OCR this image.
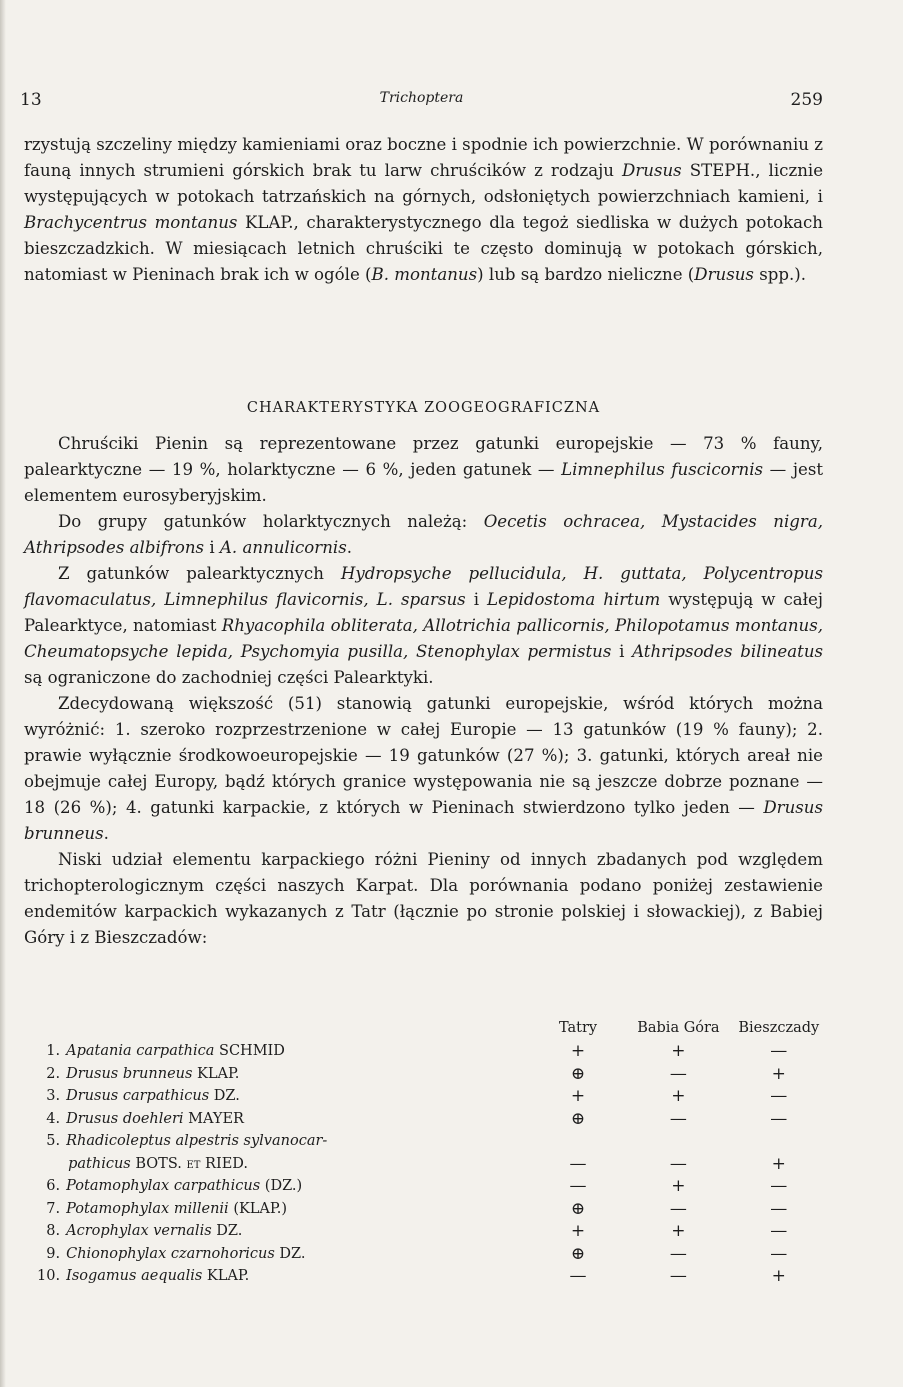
13	Trichoptera	259

rzystują szczeliny między kamieniami oraz boczne i spodnie ich powierzchnie. W porównaniu z fauną innych strumieni górskich brak tu larw chruścików z rodzaju Drusus STEPH., licznie występujących w potokach tatrzańskich na górnych, odsłoniętych powierzchniach kamieni, i Brachycentrus montanus KLAP., charakterystycznego dla tegoż siedliska w dużych potokach bieszczadzkich. W miesiącach letnich chruściki te często dominują w potokach górskich, natomiast w Pieninach brak ich w ogóle (B. montanus) lub są bardzo nieliczne (Drusus spp.).

CHARAKTERYSTYKA ZOOGEOGRAFICZNA

Chruściki Pienin są reprezentowane przez gatunki europejskie — 73 % fauny, palearktyczne — 19 %, holarktyczne — 6 %, jeden gatunek — Limnephilus fuscicornis — jest elementem eurosyberyjskim.

Do grupy gatunków holarktycznych należą: Oecetis ochracea, Mystacides nigra, Athripsodes albifrons i A. annulicornis.

Z gatunków palearktycznych Hydropsyche pellucidula, H. guttata, Polycentropus flavomaculatus, Limnephilus flavicornis, L. sparsus i Lepidostoma hirtum występują w całej Palearktyce, natomiast Rhyacophila obliterata, Allotrichia pallicornis, Philopotamus montanus, Cheumatopsyche lepida, Psychomyia pusilla, Stenophylax permistus i Athripsodes bilineatus są ograniczone do zachodniej części Palearktyki.

Zdecydowaną większość (51) stanowią gatunki europejskie, wśród których można wyróżnić: 1. szeroko rozprzestrzenione w całej Europie — 13 gatunków (19 % fauny); 2. prawie wyłącznie środkowoeuropejskie — 19 gatunków (27 %); 3. gatunki, których areał nie obejmuje całej Europy, bądź których granice występowania nie są jeszcze dobrze poznane — 18 (26 %); 4. gatunki karpackie, z których w Pieninach stwierdzono tylko jeden — Drusus brunneus.

Niski udział elementu karpackiego różni Pieniny od innych zbadanych pod względem trichopterologicznym części naszych Karpat. Dla porównania podano poniżej zestawienie endemitów karpackich wykazanych z Tatr (łącznie po stronie polskiej i słowackiej), z Babiej Góry i z Bieszczadów:

		Tatry	Babia Góra	Bieszczady
1.	Apatania carpathica SCHMID	+	+	—
2.	Drusus brunneus KLAP.	⊕	—	+
3.	Drusus carpathicus DZ.	+	+	—
4.	Drusus doehleri MAYER	⊕	—	—
5.	Rhadicoleptus alpestris sylvanocar-			
	pathicus BOTS. et RIED.	—	—	+
6.	Potamophylax carpathicus (DZ.)	—	+	—
7.	Potamophylax millenii (KLAP.)	⊕	—	—
8.	Acrophylax vernalis DZ.	+	+	—
9.	Chionophylax czarnohoricus DZ.	⊕	—	—
10.	Isogamus aequalis KLAP.	—	—	+
